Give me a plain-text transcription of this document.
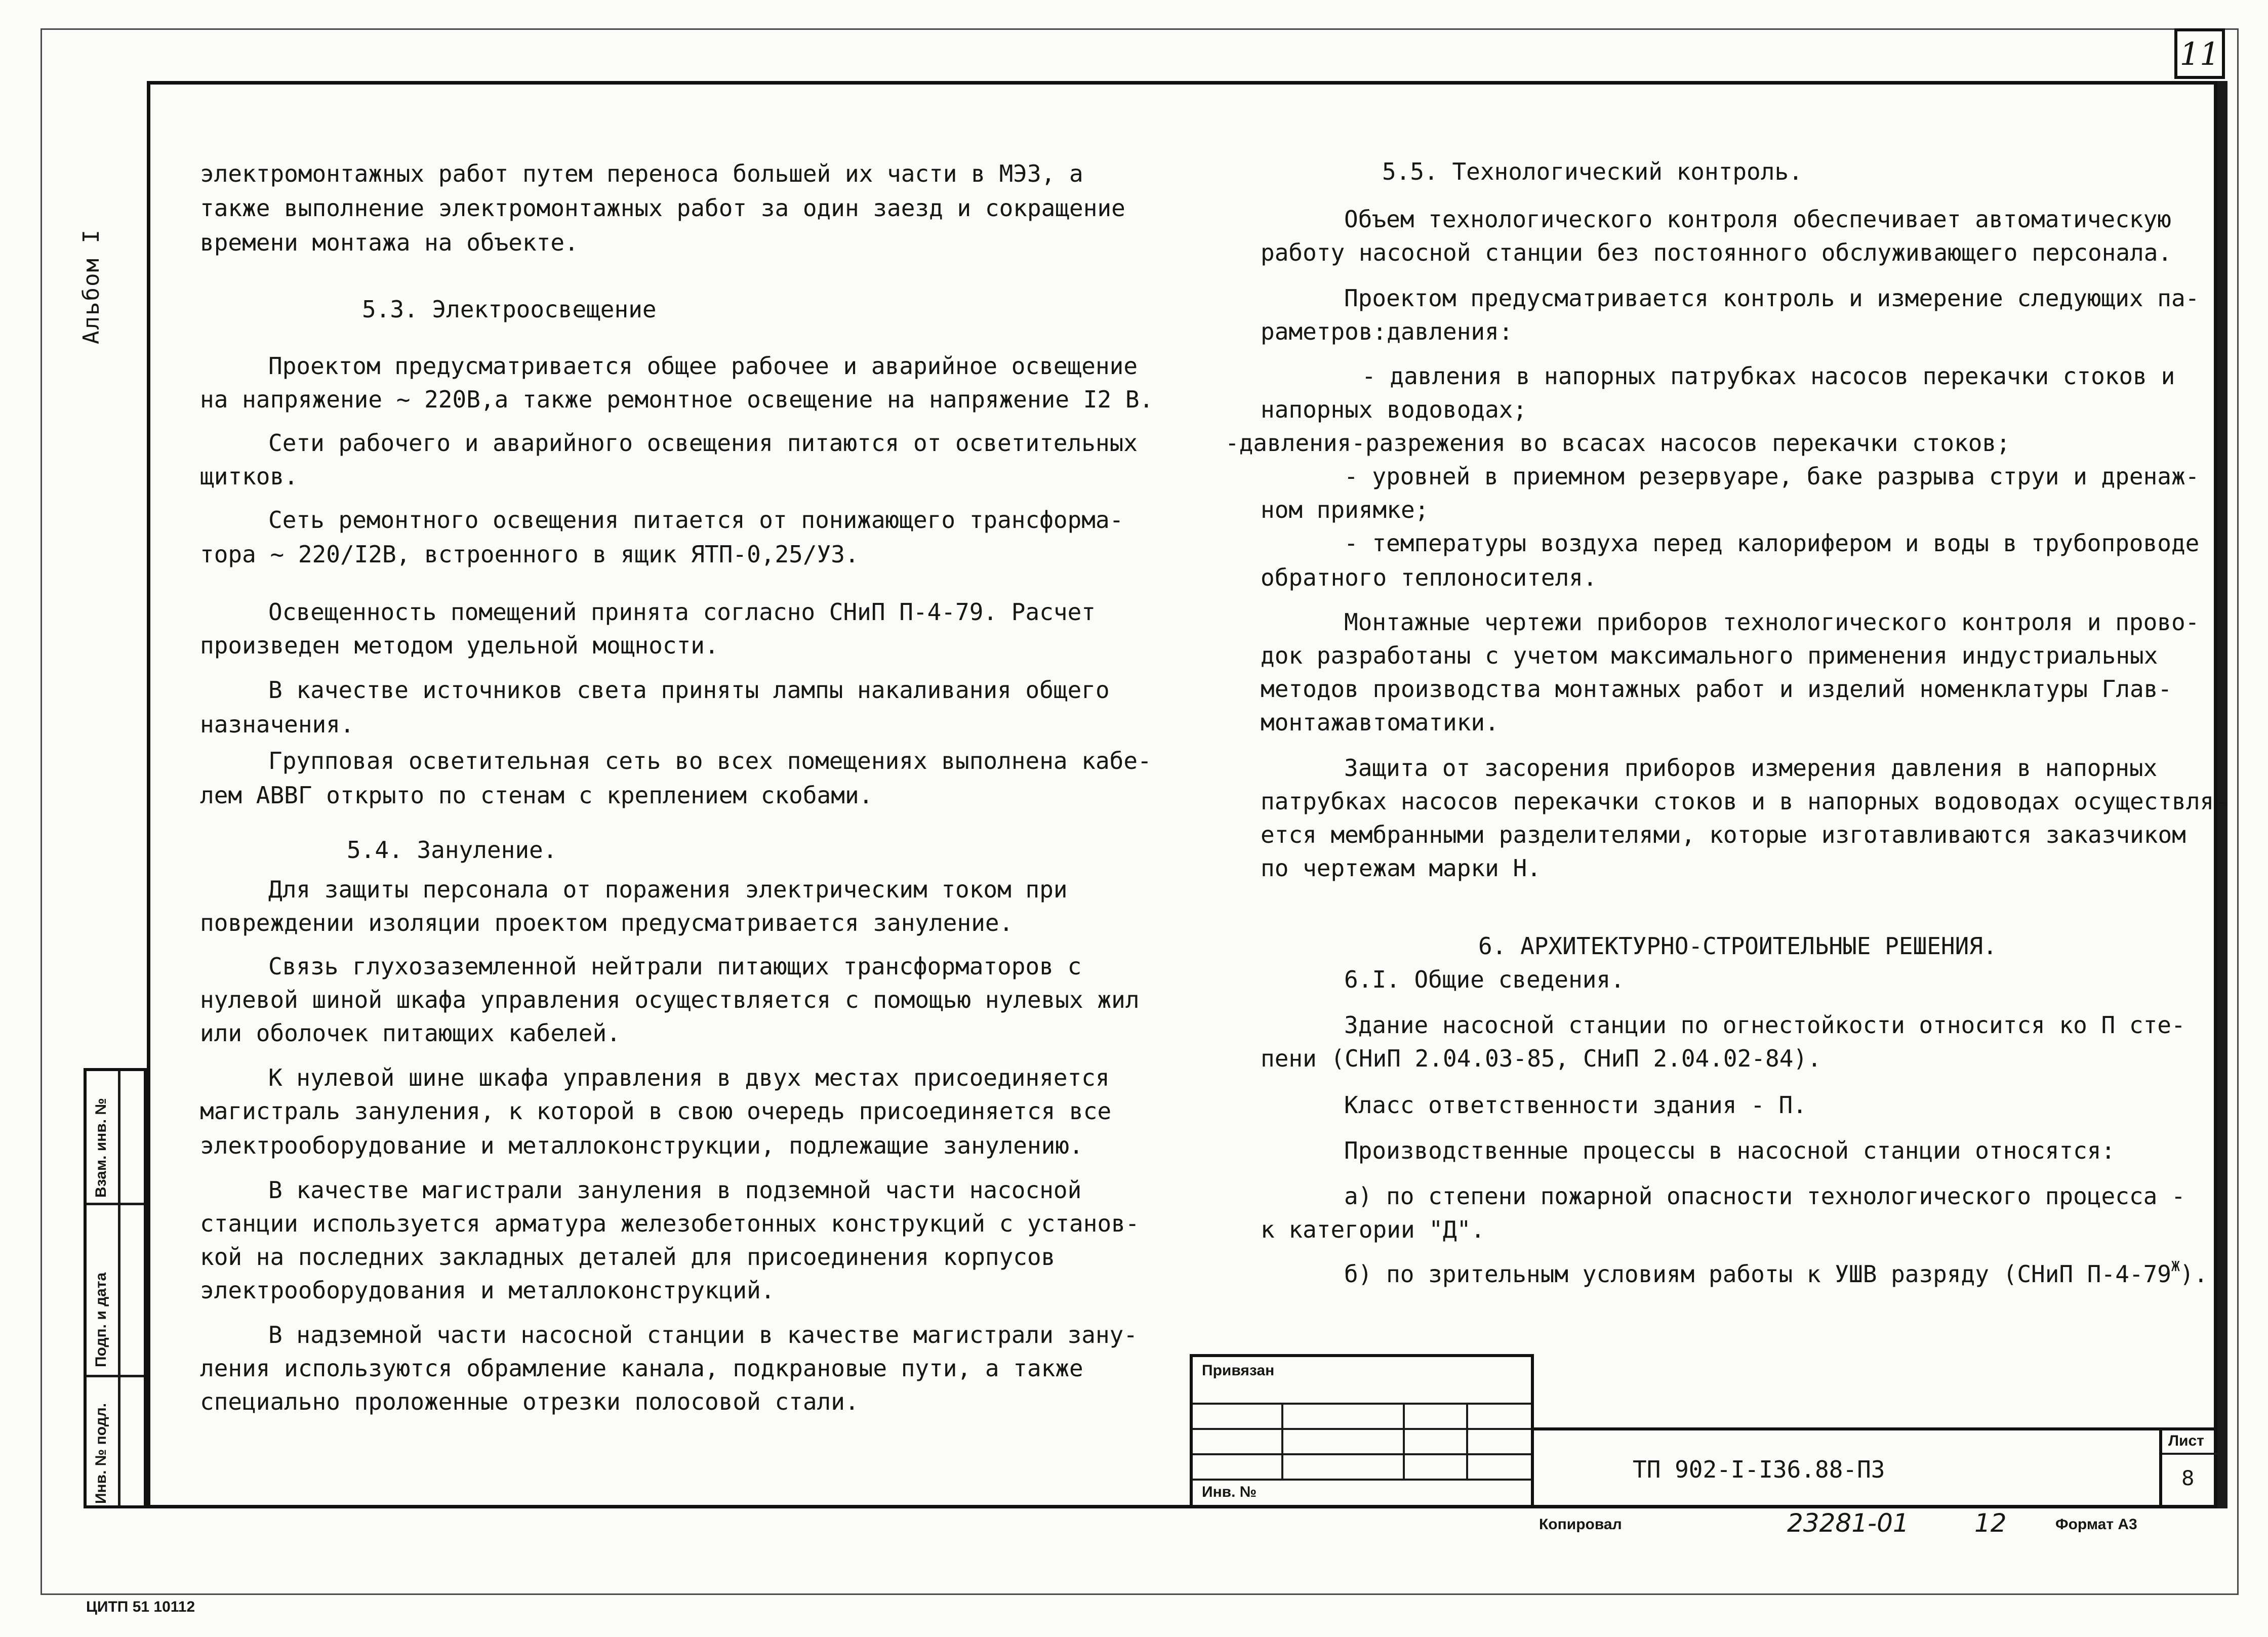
11
Альбом I
электромонтажных работ путем переноса большей их части в МЭЗ, а
также выполнение электромонтажных работ за один заезд и сокращение
времени монтажа на объекте.
5.3. Электроосвещение
Проектом предусматривается общее рабочее и аварийное освещение
на напряжение ~ 220В,а также ремонтное освещение на напряжение I2 В.
Сети рабочего и аварийного освещения питаются от осветительных
щитков.
Сеть ремонтного освещения питается от понижающего трансформа-
тора ~ 220/I2В, встроенного в ящик ЯТП-0,25/УЗ.
Освещенность помещений принята согласно СНиП П-4-79. Расчет
произведен методом удельной мощности.
В качестве источников света приняты лампы накаливания общего
назначения.
Групповая осветительная сеть во всех помещениях выполнена кабе-
лем АВВГ открыто по стенам с креплением скобами.
5.4. Зануление.
Для защиты персонала от поражения электрическим током при
повреждении изоляции проектом предусматривается зануление.
Связь глухозаземленной нейтрали питающих трансформаторов с
нулевой шиной шкафа управления осуществляется с помощью нулевых жил
или оболочек питающих кабелей.
К нулевой шине шкафа управления в двух местах присоединяется
магистраль зануления, к которой в свою очередь присоединяется все
электрооборудование и металлоконструкции, подлежащие занулению.
В качестве магистрали зануления в подземной части насосной
станции используется арматура железобетонных конструкций с установ-
кой на последних закладных деталей для присоединения корпусов
электрооборудования и металлоконструкций.
В надземной части насосной станции в качестве магистрали зану-
ления используются обрамление канала, подкрановые пути, а также
специально проложенные отрезки полосовой стали.
5.5. Технологический контроль.
Объем технологического контроля обеспечивает автоматическую
работу насосной станции без постоянного обслуживающего персонала.
Проектом предусматривается контроль и измерение следующих па-
раметров:давления:
- давления в напорных патрубках насосов перекачки стоков и
напорных водоводах;
-давления-разрежения во всасах насосов перекачки стоков;
- уровней в приемном резервуаре, баке разрыва струи и дренаж-
ном приямке;
- температуры воздуха перед калорифером и воды в трубопроводе
обратного теплоносителя.
Монтажные чертежи приборов технологического контроля и прово-
док разработаны с учетом максимального применения индустриальных
методов производства монтажных работ и изделий номенклатуры Глав-
монтажавтоматики.
Защита от засорения приборов измерения давления в напорных
патрубках насосов перекачки стоков и в напорных водоводах осуществля-
ется мембранными разделителями, которые изготавливаются заказчиком
по чертежам марки Н.
6. АРХИТЕКТУРНО-СТРОИТЕЛЬНЫЕ РЕШЕНИЯ.
6.I. Общие сведения.
Здание насосной станции по огнестойкости относится ко П сте-
пени (СНиП 2.04.03-85, СНиП 2.04.02-84).
Класс ответственности здания - П.
Производственные процессы в насосной станции относятся:
а) по степени пожарной опасности технологического процесса -
к категории "Д".
б) по зрительным условиям работы к УШВ разряду (СНиП $П-4-79^Ж$).
Взам. инв. №
Подп. и дата
Инв. № подл.
Привязан
Инв. №
ТП 902-I-I36.88-ПЗ
Лист
8
Копировал	23281-01	12	Формат А3
ЦИТП 51 10112
